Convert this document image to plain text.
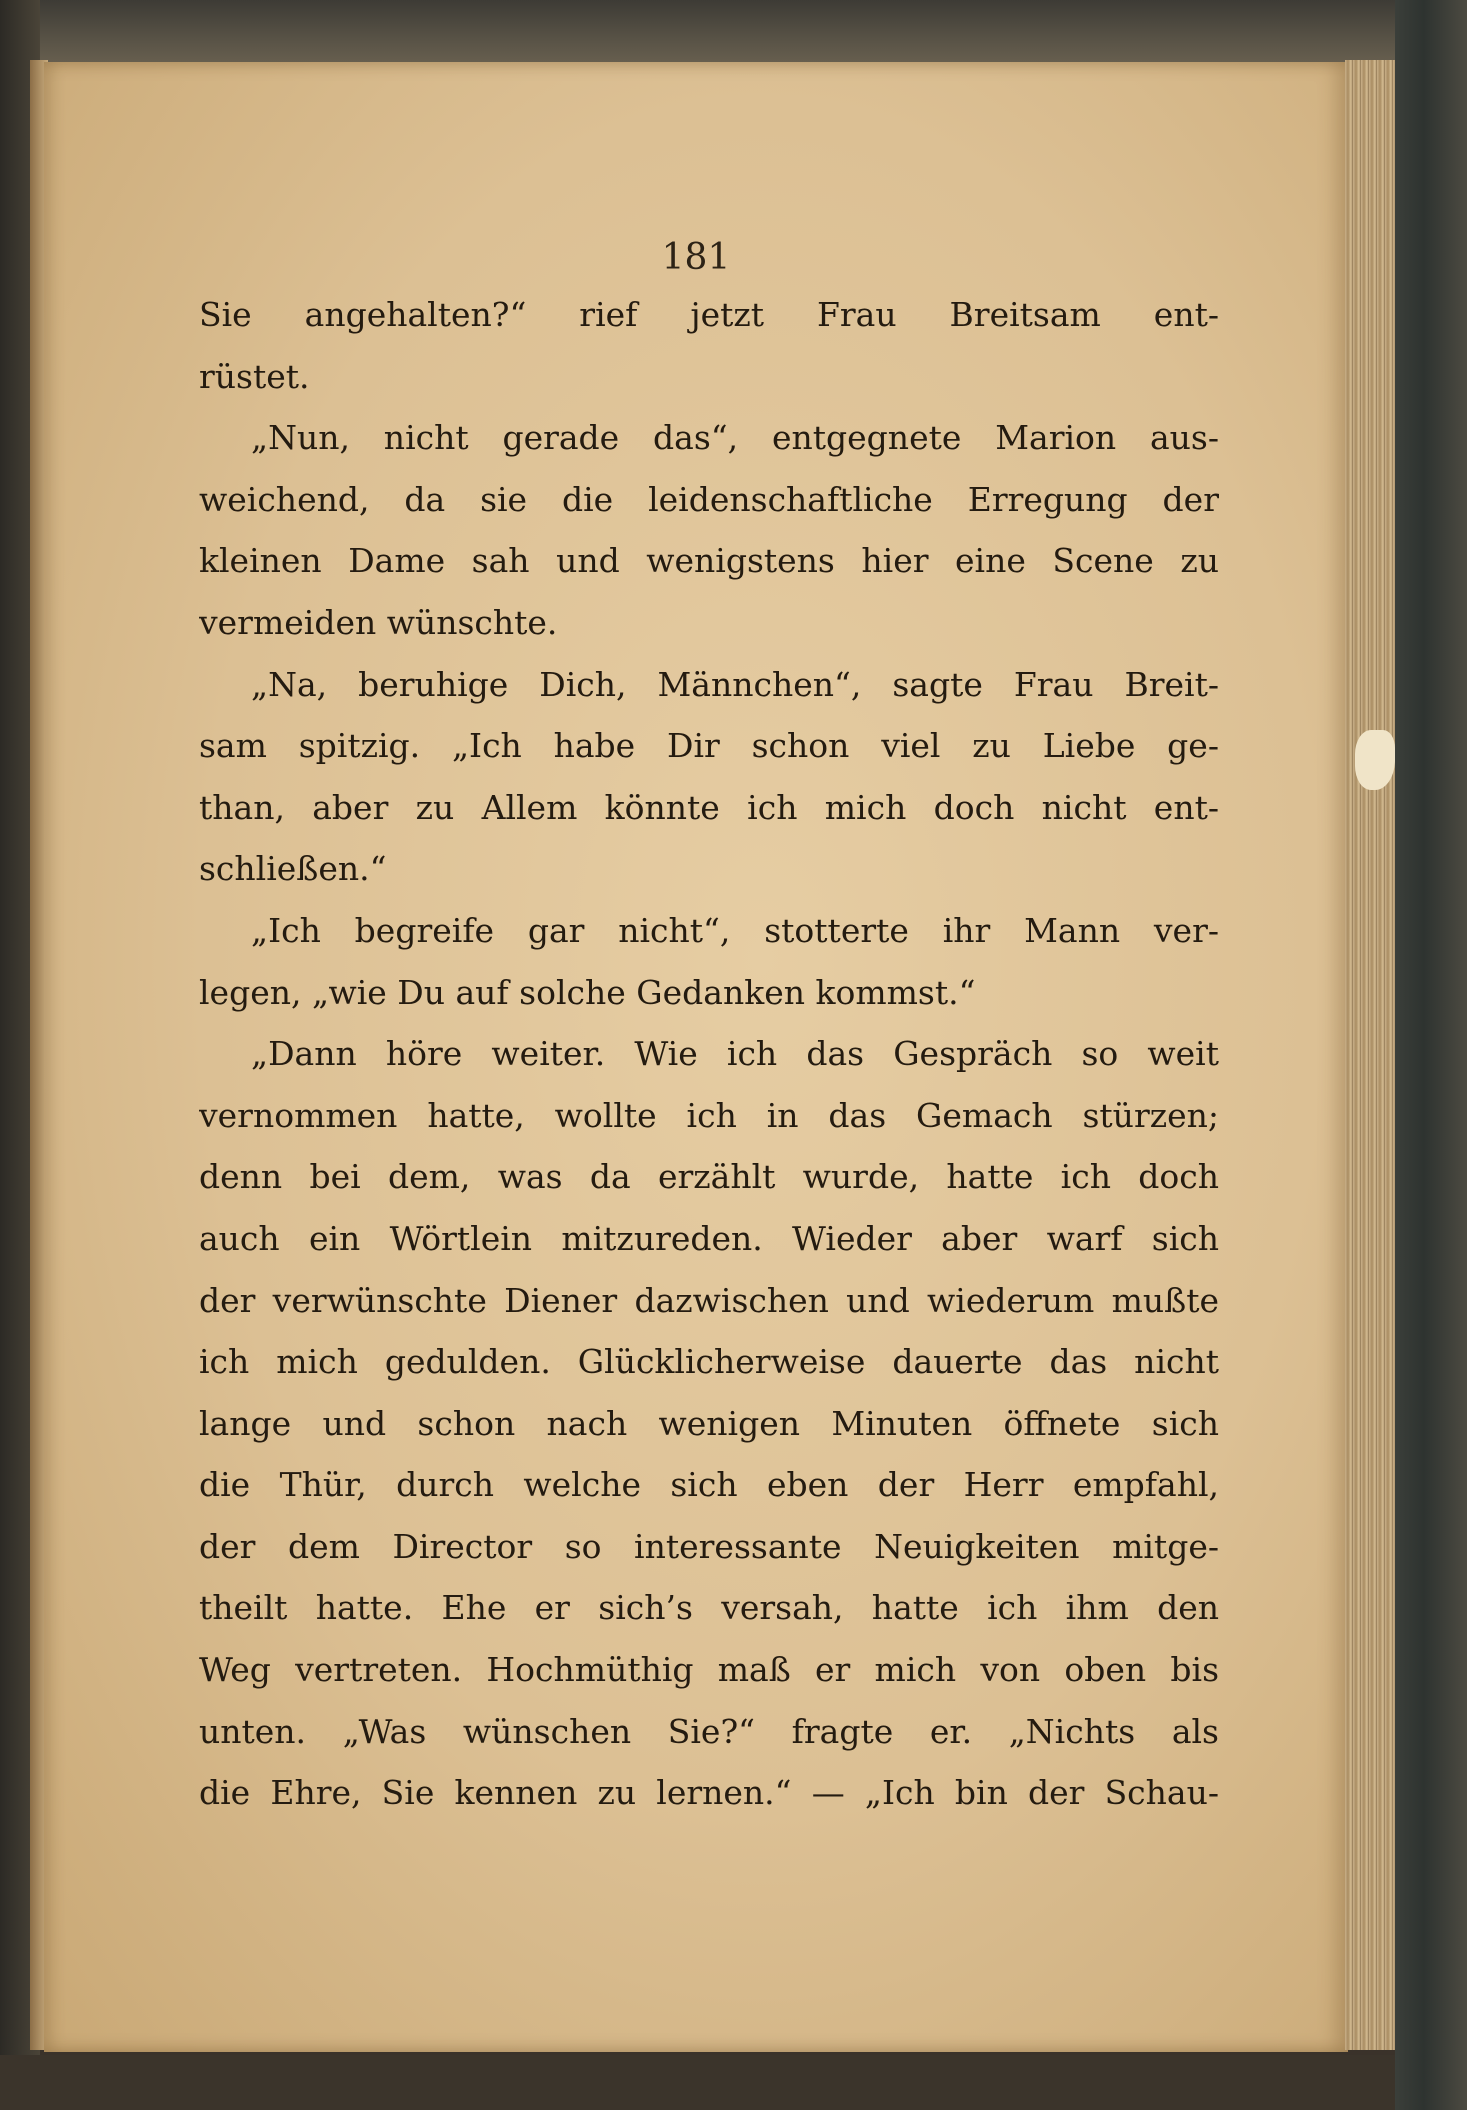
181

Sie angehalten?“ rief jetzt Frau Breitsam ent-
rüstet.
„Nun, nicht gerade das“, entgegnete Marion aus-
weichend, da sie die leidenschaftliche Erregung der
kleinen Dame sah und wenigstens hier eine Scene zu
vermeiden wünschte.
„Na, beruhige Dich, Männchen“, sagte Frau Breit-
sam spitzig. „Ich habe Dir schon viel zu Liebe ge-
than, aber zu Allem könnte ich mich doch nicht ent-
schließen.“
„Ich begreife gar nicht“, stotterte ihr Mann ver-
legen, „wie Du auf solche Gedanken kommst.“
„Dann höre weiter. Wie ich das Gespräch so weit
vernommen hatte, wollte ich in das Gemach stürzen;
denn bei dem, was da erzählt wurde, hatte ich doch
auch ein Wörtlein mitzureden. Wieder aber warf sich
der verwünschte Diener dazwischen und wiederum mußte
ich mich gedulden. Glücklicherweise dauerte das nicht
lange und schon nach wenigen Minuten öffnete sich
die Thür, durch welche sich eben der Herr empfahl,
der dem Director so interessante Neuigkeiten mitge-
theilt hatte. Ehe er sich’s versah, hatte ich ihm den
Weg vertreten. Hochmüthig maß er mich von oben bis
unten. „Was wünschen Sie?“ fragte er. „Nichts als
die Ehre, Sie kennen zu lernen.“ — „Ich bin der Schau-
